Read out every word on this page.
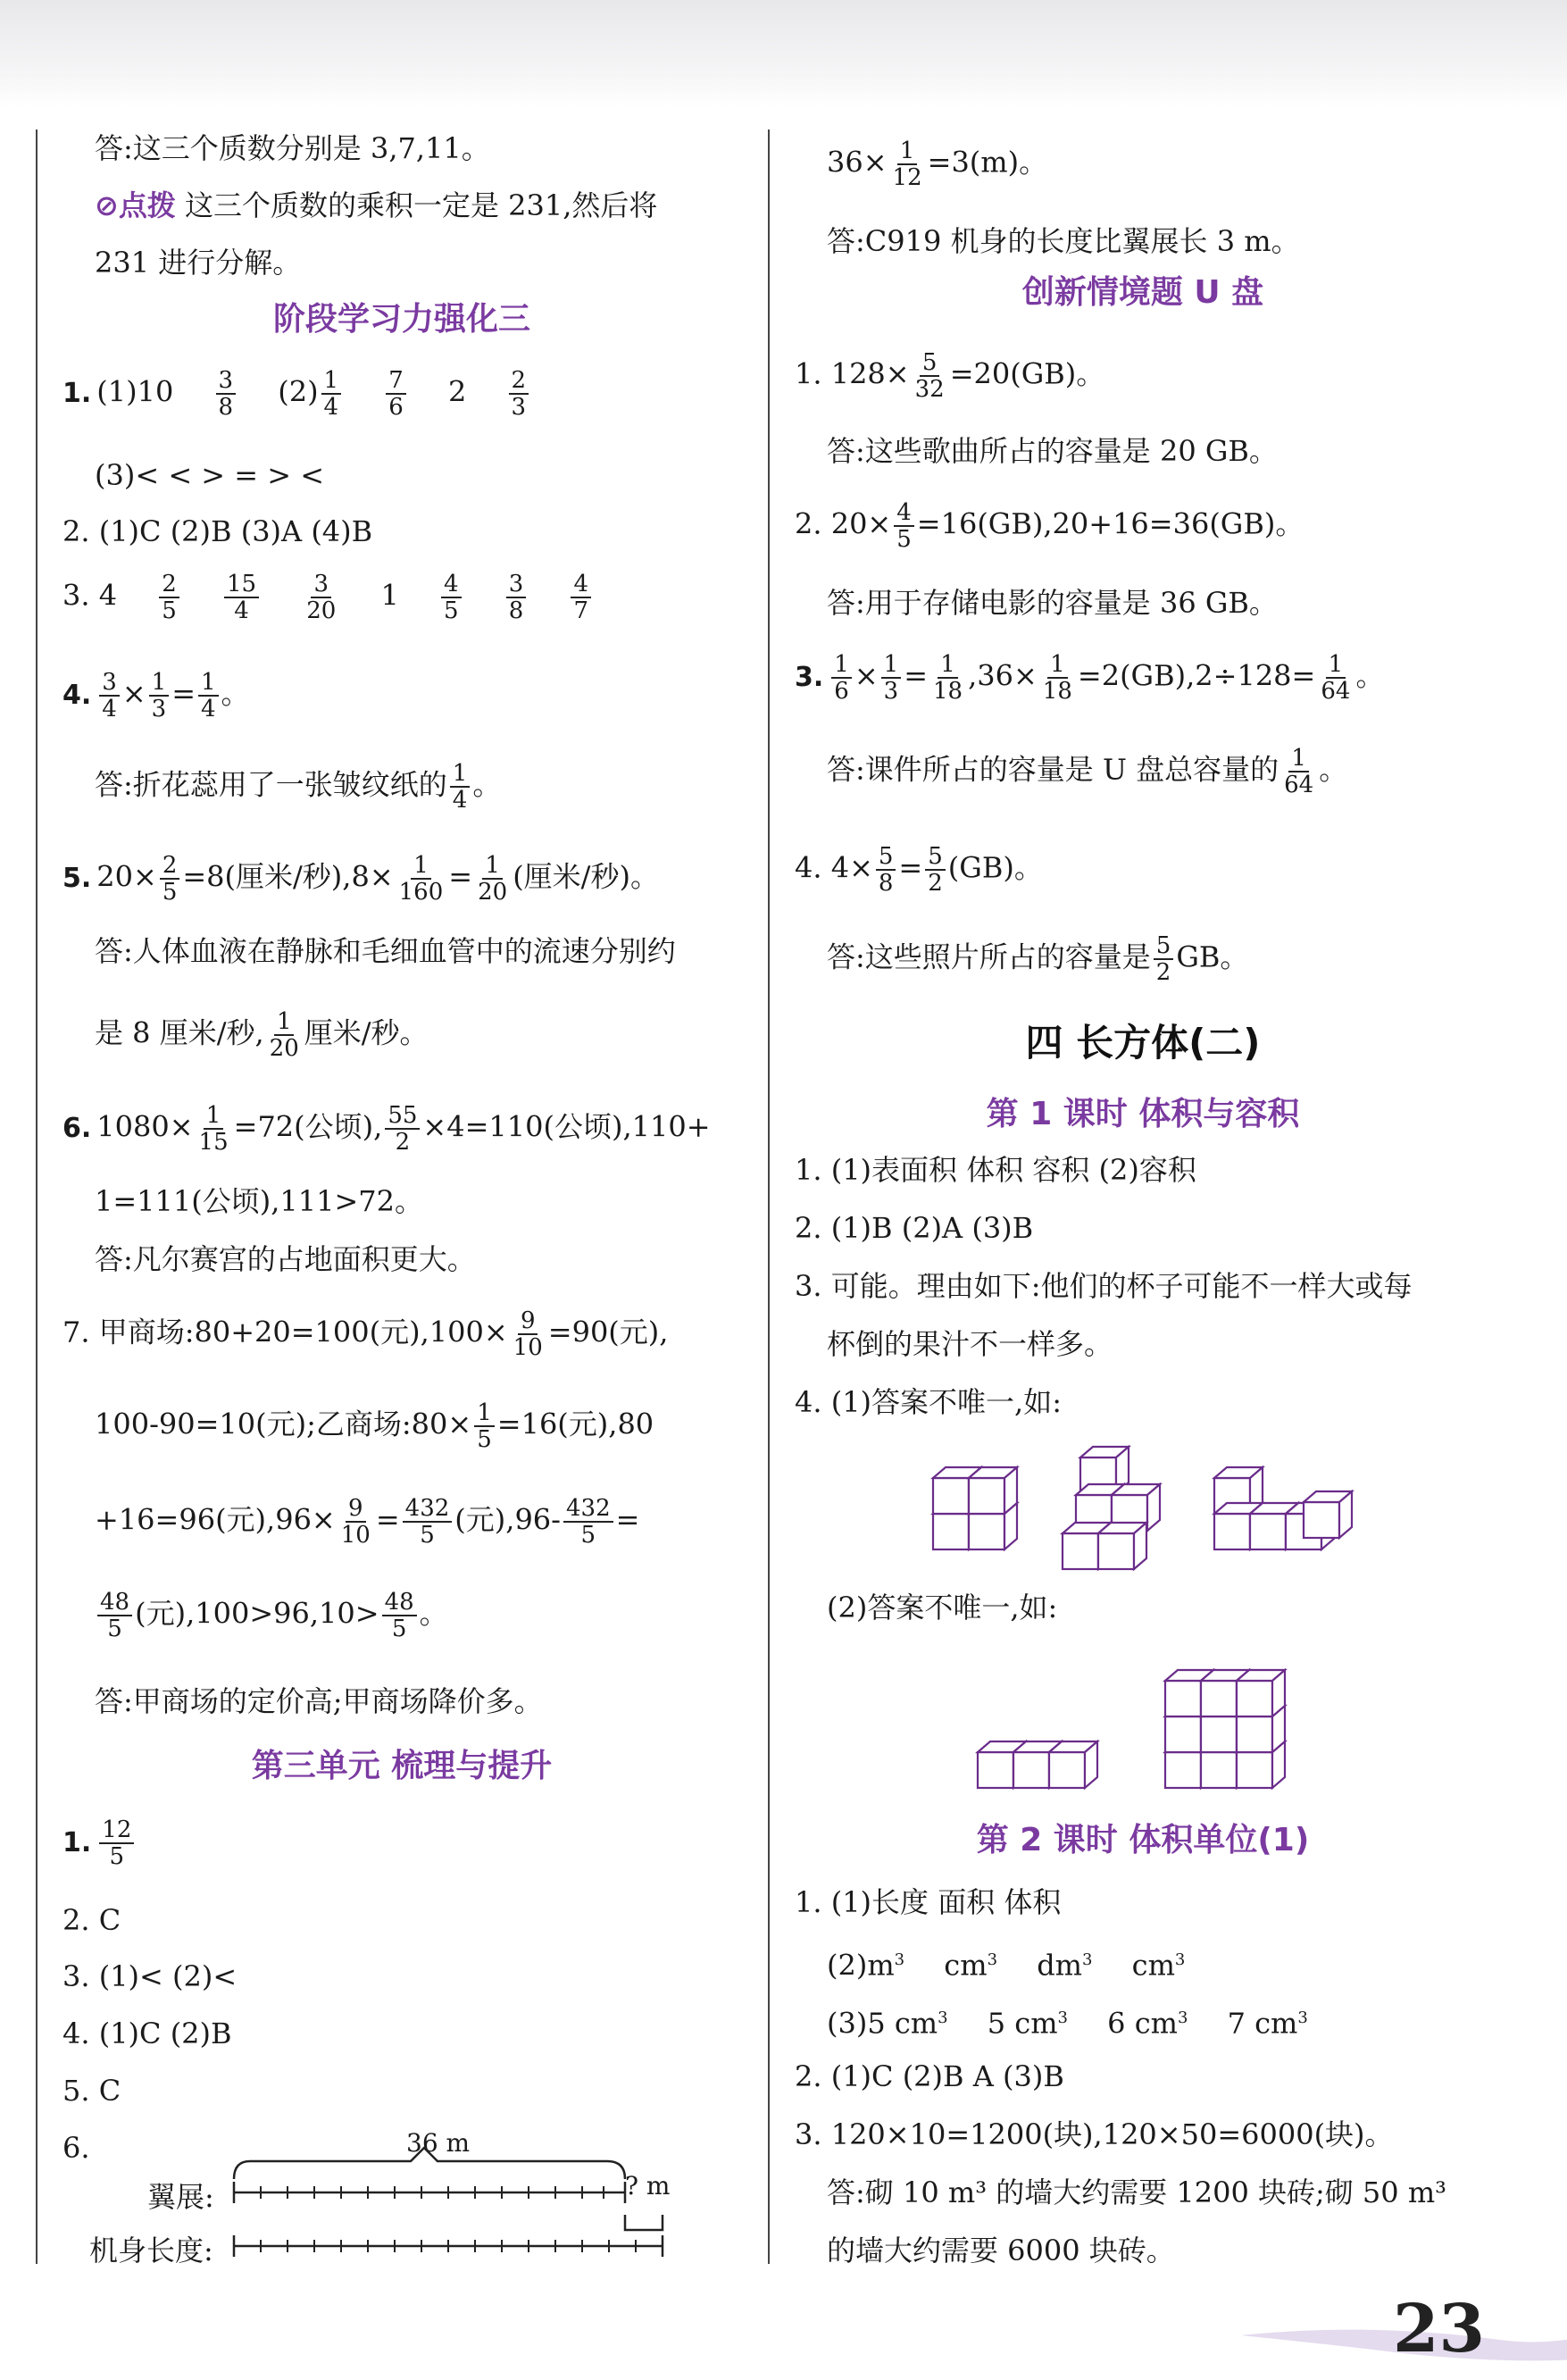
答:这三个质数分别是 3,7,11。
⊘点拨 这三个质数的乘积一定是 231,然后将
231 进行分解。
阶段学习力强化三
1. $(1)10 \frac{3}{8} (2) \frac{1}{4}$
$\frac{7}{6} 2 \frac{2}{3}$
(3)< < > = > <
2. (1)C (2)B (3)A (4)B
3. $4 \frac{2}{5}$
$\frac{15}{4}$
$\frac{3}{20} 1 \frac{4}{5}$
$\frac{3}{8}$
$\frac{4}{7}$
4. $\frac{3}{4} \times \frac{1}{3} = \frac{1}{4}$ 。
答:折花蕊用了一张皱纹纸的 $\frac{1}{4}$ 。
5. $20\times \frac{2}{5} =8$(厘米/秒)$,8\times \frac{1}{160} = \frac{1}{20}$ (厘米/秒)。
答:人体血液在静脉和毛细血管中的流速分别约
是 8 厘米/秒, $\frac{1}{20}$ 厘米/秒。
6. $1080\times \frac{1}{15} =72$(公顷), $\frac{55}{2} \times 4=110$(公顷),110+
1=111(公顷),111>72。
答:凡尔赛宫的占地面积更大。
7. 甲商场:80+20=100(元)$,100\times \frac{9}{10} =90$(元),
100-90=10(元);乙商场:80× $\frac{1}{5} =16$(元),80
+16=96(元)$,96\times \frac{9}{10} = \frac{432}{5}$ (元)$,96- \frac{432}{5}$ =
$\frac{48}{5}$ (元)$,100>96,10> \frac{48}{5}$ 。
答:甲商场的定价高;甲商场降价多。
第三单元 梳理与提升
1. $\frac{12}{5}$
2. C
3. (1)< (2)<
4. (1)C (2)B
5. C
6.	36 m
翼展:
机身长度:
? m
$36\times \frac{1}{12} =3(m)$。
答:C919 机身的长度比翼展长 3 m。
创新情境题 U 盘
1. $128\times \frac{5}{32} =20(GB)$。
答:这些歌曲所占的容量是 20 GB。
2. $20\times \frac{4}{5} =16(GB),20+16=36(GB)$。
答:用于存储电影的容量是 36 GB。
3. $\frac{1}{6} \times \frac{1}{3} = \frac{1}{18} ,36\times \frac{1}{18} =2(GB),2\div 128= \frac{1}{64}$ 。
答:课件所占的容量是 U 盘总容量的 $\frac{1}{64}$ 。
4. $4\times \frac{5}{8} = \frac{5}{2} (GB)$。
答:这些照片所占的容量是 $\frac{5}{2}$ GB。
四 长方体(二)
第 1 课时 体积与容积
1. (1)表面积 体积 容积 (2)容积
2. (1)B (2)A (3)B
3. 可能。理由如下:他们的杯子可能不一样大或每
杯倒的果汁不一样多。
4. (1)答案不唯一,如:
(2)答案不唯一,如:
第 2 课时 体积单位(1)
1. (1)长度 面积 体积
$(2)m^3$ $cm^3$ $dm^3$ $cm^3$
(3)5 $cm^3$ 5 $cm^3$ 6 $cm^3$ 7 $cm^3$
2. (1)C (2)B A (3)B
3. 120×10=1200(块),120×50=6000(块)。
答:砌 10 m³ 的墙大约需要 1200 块砖;砌 50 m³
的墙大约需要 6000 块砖。
23
